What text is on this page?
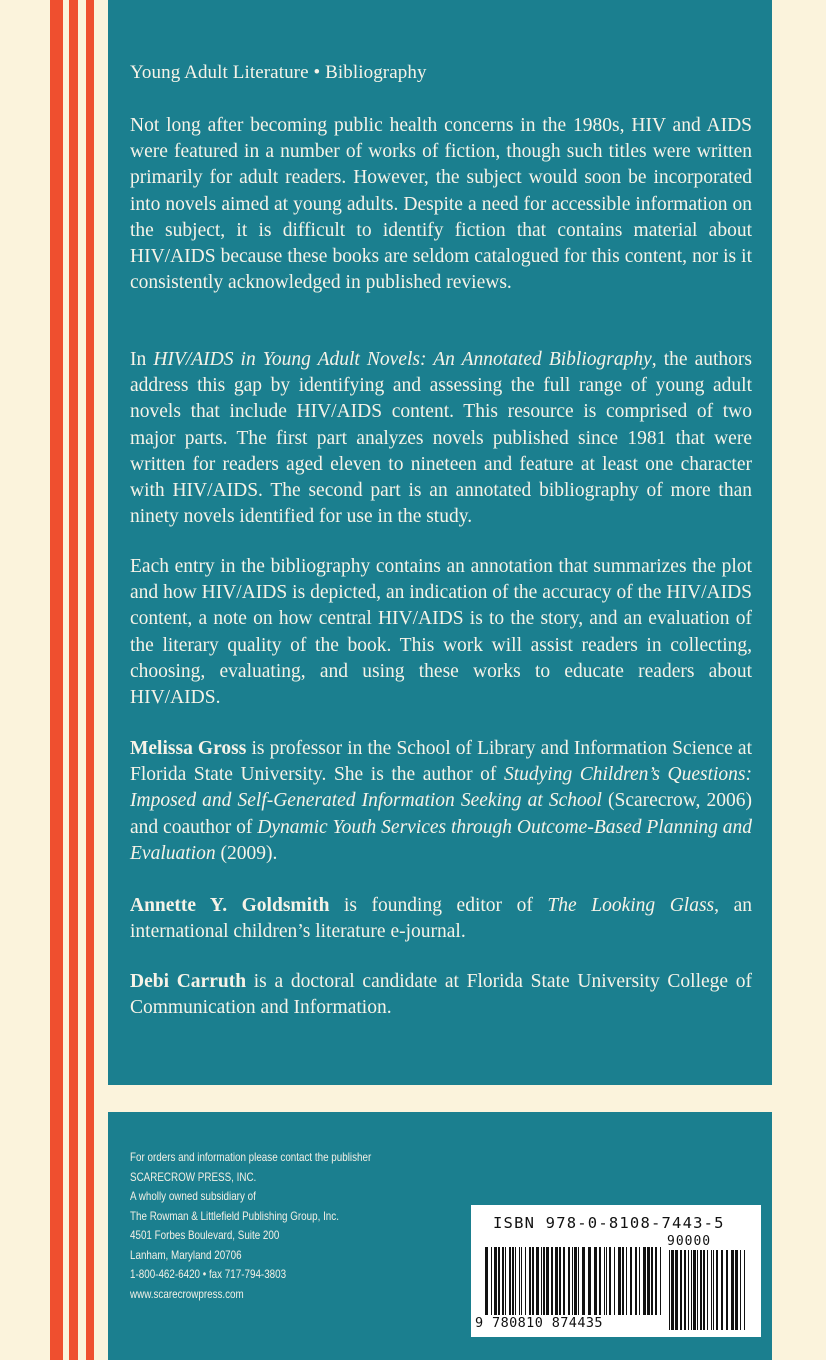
Young Adult Literature • Bibliography

Not long after becoming public health concerns in the 1980s, HIV and AIDS were featured in a number of works of fiction, though such titles were written primarily for adult readers. However, the subject would soon be incorporated into novels aimed at young adults. Despite a need for accessible information on the subject, it is difficult to identify fiction that contains material about HIV/AIDS because these books are seldom catalogued for this content, nor is it consistently acknowledged in published reviews.

In HIV/AIDS in Young Adult Novels: An Annotated Bibliography, the authors address this gap by identifying and assessing the full range of young adult novels that include HIV/AIDS content. This resource is comprised of two major parts. The first part analyzes novels published since 1981 that were written for readers aged eleven to nineteen and feature at least one character with HIV/AIDS. The second part is an annotated bibliography of more than ninety novels identified for use in the study.

Each entry in the bibliography contains an annotation that summarizes the plot and how HIV/AIDS is depicted, an indication of the accuracy of the HIV/AIDS content, a note on how central HIV/AIDS is to the story, and an evaluation of the literary quality of the book. This work will assist readers in collecting, choosing, evaluating, and using these works to educate readers about HIV/AIDS.

Melissa Gross is professor in the School of Library and Information Science at Florida State University. She is the author of Studying Children’s Questions: Imposed and Self-Generated Information Seeking at School (Scarecrow, 2006) and coauthor of Dynamic Youth Services through Outcome-Based Planning and Evaluation (2009).

Annette Y. Goldsmith is founding editor of The Looking Glass, an international children’s literature e-journal.

Debi Carruth is a doctoral candidate at Florida State University College of Communication and Information.

For orders and information please contact the publisher
SCARECROW PRESS, INC.
A wholly owned subsidiary of
The Rowman & Littlefield Publishing Group, Inc.
4501 Forbes Boulevard, Suite 200
Lanham, Maryland 20706
1-800-462-6420 • fax 717-794-3803
www.scarecrowpress.com
ISBN 978-0-8108-7443-5
90000
9 780810 874435
